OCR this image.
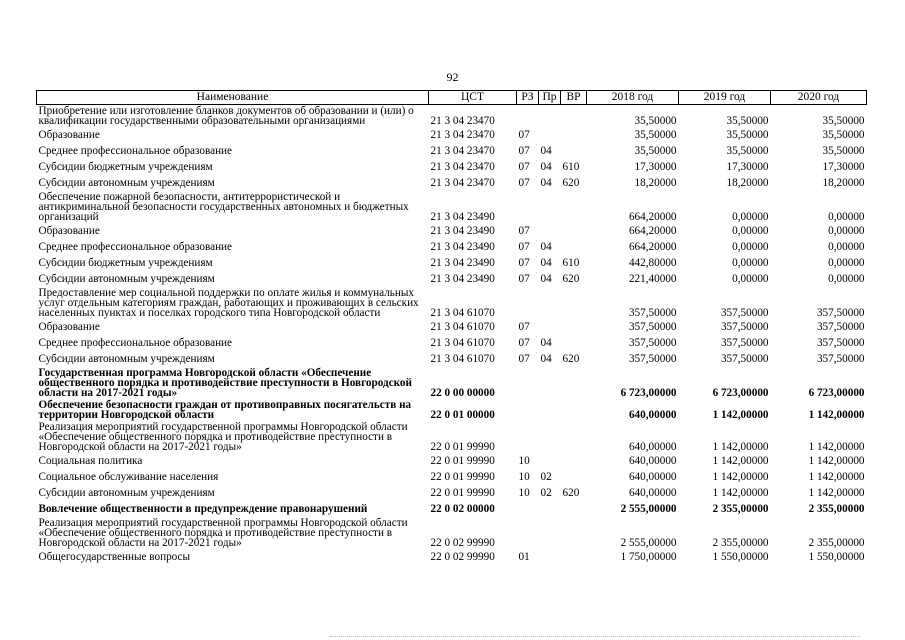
92
Наименование	ЦСТ	РЗ	Пр	ВР	2018 год	2019 год	2020 год
Приобретение или изготовление бланков документов об образовании и (или) о квалификации государственными образовательными организациями	21 3 04 23470				35,50000	35,50000	35,50000
Образование	21 3 04 23470	07			35,50000	35,50000	35,50000
Среднее профессиональное образование	21 3 04 23470	07	04		35,50000	35,50000	35,50000
Субсидии бюджетным учреждениям	21 3 04 23470	07	04	610	17,30000	17,30000	17,30000
Субсидии автономным учреждениям	21 3 04 23470	07	04	620	18,20000	18,20000	18,20000
Обеспечение пожарной безопасности, антитеррористической и антикриминальной безопасности государственных автономных и бюджетных организаций	21 3 04 23490				664,20000	0,00000	0,00000
Образование	21 3 04 23490	07			664,20000	0,00000	0,00000
Среднее профессиональное образование	21 3 04 23490	07	04		664,20000	0,00000	0,00000
Субсидии бюджетным учреждениям	21 3 04 23490	07	04	610	442,80000	0,00000	0,00000
Субсидии автономным учреждениям	21 3 04 23490	07	04	620	221,40000	0,00000	0,00000
Предоставление мер социальной поддержки по оплате жилья и коммунальных услуг отдельным категориям граждан, работающих и проживающих в сельских населенных пунктах и поселках городского типа Новгородской области	21 3 04 61070				357,50000	357,50000	357,50000
Образование	21 3 04 61070	07			357,50000	357,50000	357,50000
Среднее профессиональное образование	21 3 04 61070	07	04		357,50000	357,50000	357,50000
Субсидии автономным учреждениям	21 3 04 61070	07	04	620	357,50000	357,50000	357,50000
Государственная программа Новгородской области «Обеспечение общественного порядка и противодействие преступности в Новгородской области на 2017-2021 годы»	22 0 00 00000				6 723,00000	6 723,00000	6 723,00000
Обеспечение безопасности граждан от противоправных посягательств на территории Новгородской области	22 0 01 00000				640,00000	1 142,00000	1 142,00000
Реализация мероприятий государственной программы Новгородской области «Обеспечение общественного порядка и противодействие преступности в Новгородской области на 2017-2021 годы»	22 0 01 99990				640,00000	1 142,00000	1 142,00000
Социальная политика	22 0 01 99990	10			640,00000	1 142,00000	1 142,00000
Социальное обслуживание населения	22 0 01 99990	10	02		640,00000	1 142,00000	1 142,00000
Субсидии автономным учреждениям	22 0 01 99990	10	02	620	640,00000	1 142,00000	1 142,00000
Вовлечение общественности в предупреждение правонарушений	22 0 02 00000				2 555,00000	2 355,00000	2 355,00000
Реализация мероприятий государственной программы Новгородской области «Обеспечение общественного порядка и противодействие преступности в Новгородской области на 2017-2021 годы»	22 0 02 99990				2 555,00000	2 355,00000	2 355,00000
Общегосударственные вопросы	22 0 02 99990	01			1 750,00000	1 550,00000	1 550,00000
